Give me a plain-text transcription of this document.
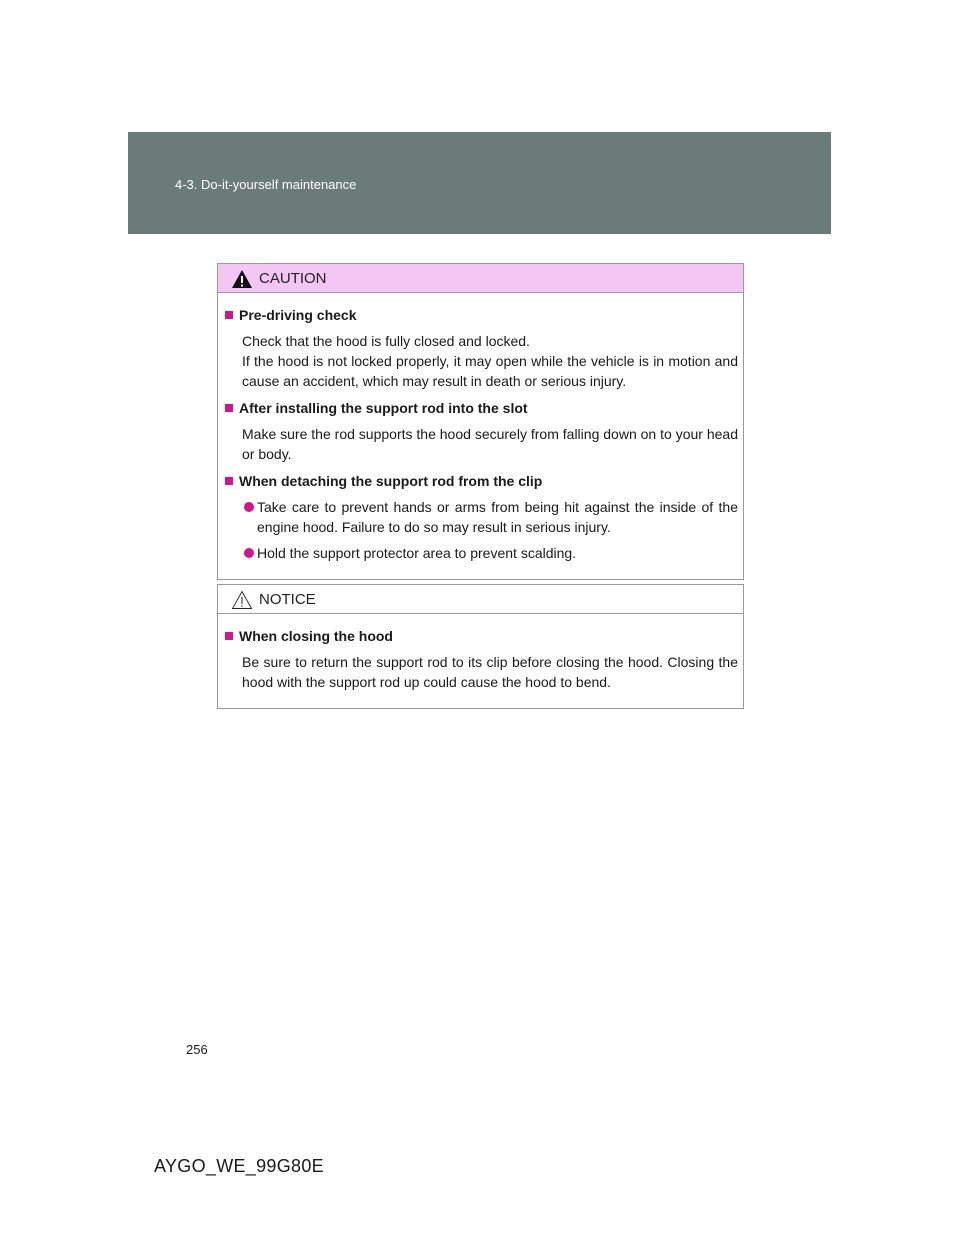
4-3. Do-it-yourself maintenance
CAUTION
Pre-driving check
Check that the hood is fully closed and locked.
If the hood is not locked properly, it may open while the vehicle is in motion and cause an accident, which may result in death or serious injury.
After installing the support rod into the slot
Make sure the rod supports the hood securely from falling down on to your head or body.
When detaching the support rod from the clip
Take care to prevent hands or arms from being hit against the inside of the engine hood. Failure to do so may result in serious injury.
Hold the support protector area to prevent scalding.
NOTICE
When closing the hood
Be sure to return the support rod to its clip before closing the hood. Closing the hood with the support rod up could cause the hood to bend.
256
AYGO_WE_99G80E
